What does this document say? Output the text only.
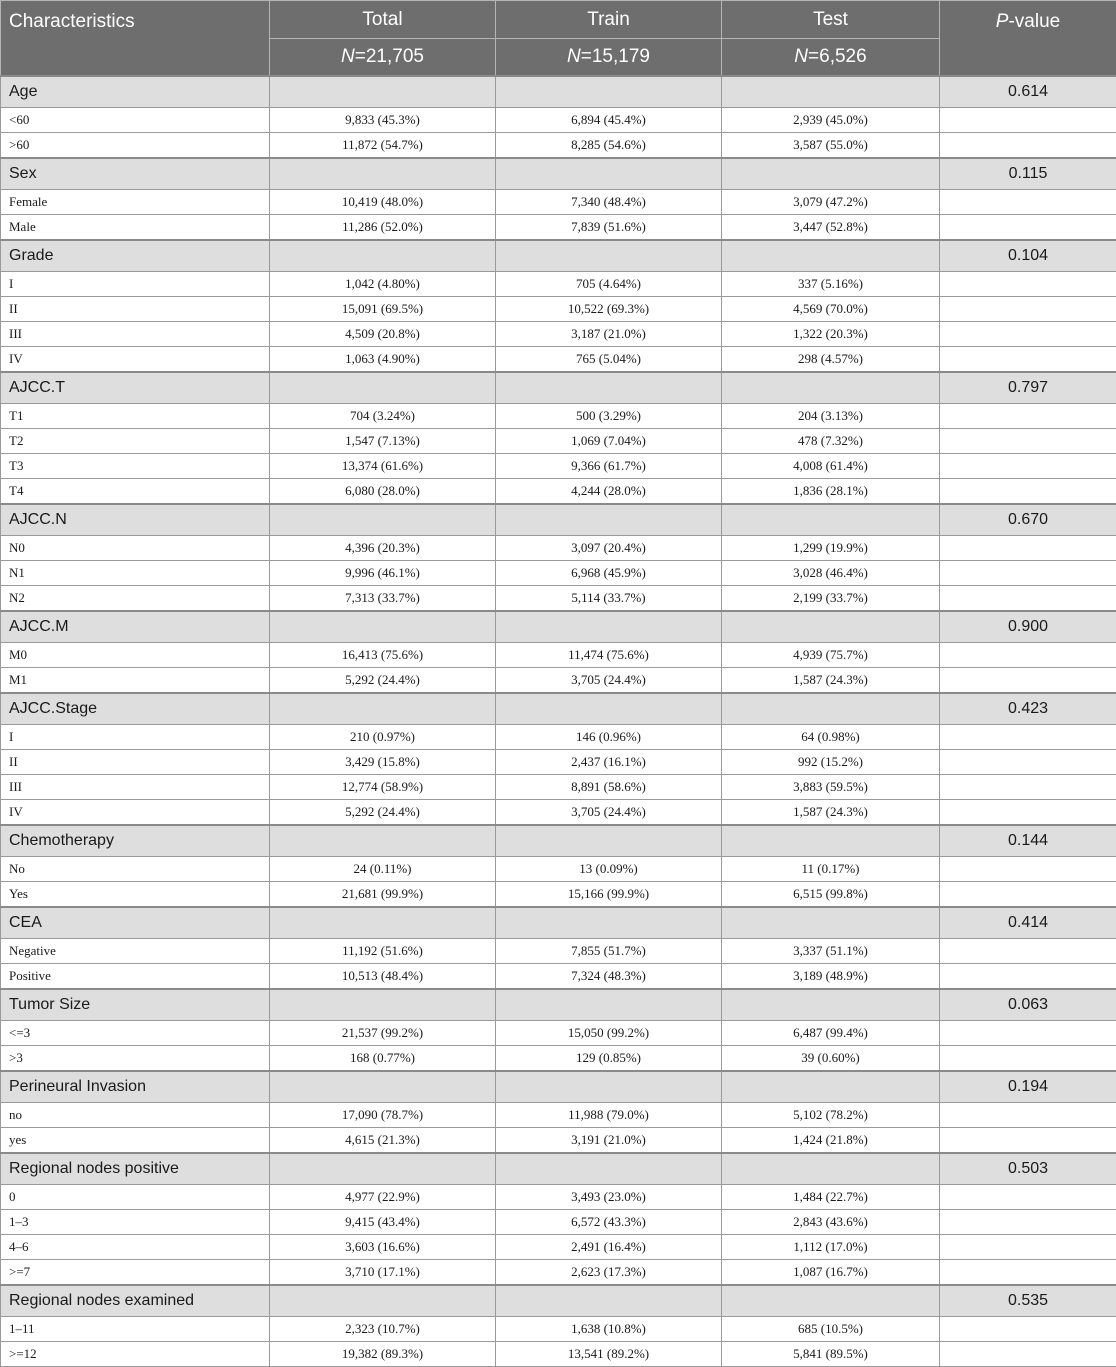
Characteristics	Total	Train	Test	P-value
	N=21,705	N=15,179	N=6,526	
Age				0.614
<60	9,833 (45.3%)	6,894 (45.4%)	2,939 (45.0%)	
>60	11,872 (54.7%)	8,285 (54.6%)	3,587 (55.0%)	
Sex				0.115
Female	10,419 (48.0%)	7,340 (48.4%)	3,079 (47.2%)	
Male	11,286 (52.0%)	7,839 (51.6%)	3,447 (52.8%)	
Grade				0.104
I	1,042 (4.80%)	705 (4.64%)	337 (5.16%)	
II	15,091 (69.5%)	10,522 (69.3%)	4,569 (70.0%)	
III	4,509 (20.8%)	3,187 (21.0%)	1,322 (20.3%)	
IV	1,063 (4.90%)	765 (5.04%)	298 (4.57%)	
AJCC.T				0.797
T1	704 (3.24%)	500 (3.29%)	204 (3.13%)	
T2	1,547 (7.13%)	1,069 (7.04%)	478 (7.32%)	
T3	13,374 (61.6%)	9,366 (61.7%)	4,008 (61.4%)	
T4	6,080 (28.0%)	4,244 (28.0%)	1,836 (28.1%)	
AJCC.N				0.670
N0	4,396 (20.3%)	3,097 (20.4%)	1,299 (19.9%)	
N1	9,996 (46.1%)	6,968 (45.9%)	3,028 (46.4%)	
N2	7,313 (33.7%)	5,114 (33.7%)	2,199 (33.7%)	
AJCC.M				0.900
M0	16,413 (75.6%)	11,474 (75.6%)	4,939 (75.7%)	
M1	5,292 (24.4%)	3,705 (24.4%)	1,587 (24.3%)	
AJCC.Stage				0.423
I	210 (0.97%)	146 (0.96%)	64 (0.98%)	
II	3,429 (15.8%)	2,437 (16.1%)	992 (15.2%)	
III	12,774 (58.9%)	8,891 (58.6%)	3,883 (59.5%)	
IV	5,292 (24.4%)	3,705 (24.4%)	1,587 (24.3%)	
Chemotherapy				0.144
No	24 (0.11%)	13 (0.09%)	11 (0.17%)	
Yes	21,681 (99.9%)	15,166 (99.9%)	6,515 (99.8%)	
CEA				0.414
Negative	11,192 (51.6%)	7,855 (51.7%)	3,337 (51.1%)	
Positive	10,513 (48.4%)	7,324 (48.3%)	3,189 (48.9%)	
Tumor Size				0.063
<=3	21,537 (99.2%)	15,050 (99.2%)	6,487 (99.4%)	
>3	168 (0.77%)	129 (0.85%)	39 (0.60%)	
Perineural Invasion				0.194
no	17,090 (78.7%)	11,988 (79.0%)	5,102 (78.2%)	
yes	4,615 (21.3%)	3,191 (21.0%)	1,424 (21.8%)	
Regional nodes positive				0.503
0	4,977 (22.9%)	3,493 (23.0%)	1,484 (22.7%)	
1–3	9,415 (43.4%)	6,572 (43.3%)	2,843 (43.6%)	
4–6	3,603 (16.6%)	2,491 (16.4%)	1,112 (17.0%)	
>=7	3,710 (17.1%)	2,623 (17.3%)	1,087 (16.7%)	
Regional nodes examined				0.535
1–11	2,323 (10.7%)	1,638 (10.8%)	685 (10.5%)	
>=12	19,382 (89.3%)	13,541 (89.2%)	5,841 (89.5%)	
